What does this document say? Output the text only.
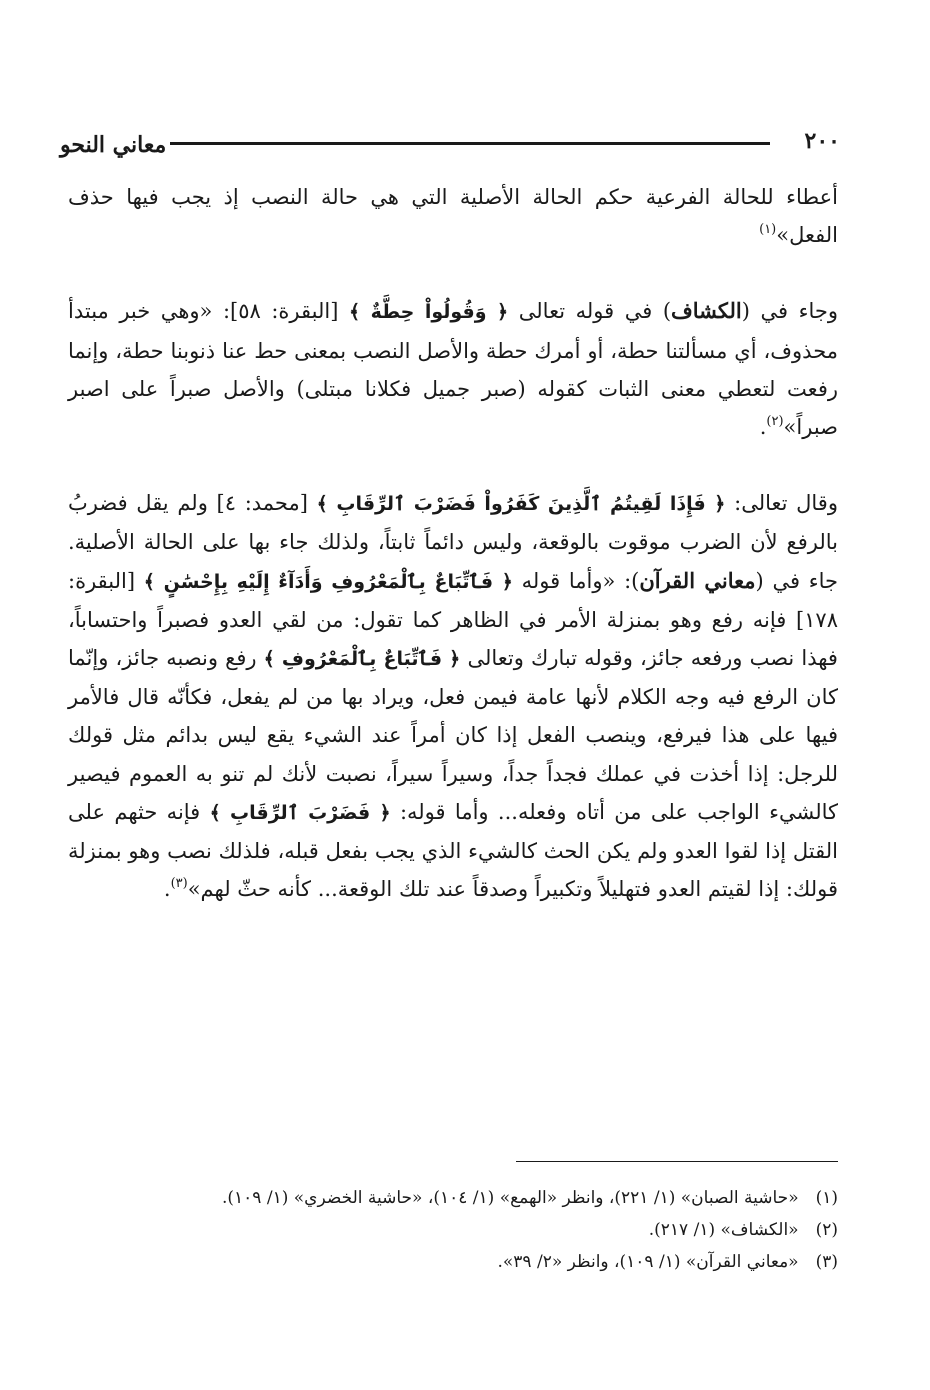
٢٠٠
معاني النحو

أعطاء للحالة الفرعية حكم الحالة الأصلية التي هي حالة النصب إذ يجب فيها حذف الفعل»$^{(١)}$

وجاء في (الكشاف) في قوله تعالى ﴿ وَقُولُواْ حِطَّةٌ ﴾ [البقرة: ٥٨]: «وهي خبر مبتدأ محذوف، أي مسألتنا حطة، أو أمرك حطة والأصل النصب بمعنى حط عنا ذنوبنا حطة، وإنما رفعت لتعطي معنى الثبات كقوله (صبر جميل فكلانا مبتلى) والأصل صبراً على اصبر صبراً»$^{(٢)}$.

وقال تعالى: ﴿ فَإِذَا لَقِيتُمُ ٱلَّذِينَ كَفَرُواْ فَضَرْبَ ٱلرِّقَابِ ﴾ [محمد: ٤] ولم يقل فضربُ بالرفع لأن الضرب موقوت بالوقعة، وليس دائماً ثابتاً، ولذلك جاء بها على الحالة الأصلية. جاء في (معاني القرآن): «وأما قوله ﴿ فَٱتِّبَاعٌ بِٱلْمَعْرُوفِ وَأَدَآءٌ إِلَيْهِ بِإِحْسَٰنٍ ﴾ [البقرة: ١٧٨] فإنه رفع وهو بمنزلة الأمر في الظاهر كما تقول: من لقي العدو فصبراً واحتساباً، فهذا نصب ورفعه جائز، وقوله تبارك وتعالى ﴿ فَٱتِّبَاعٌ بِٱلْمَعْرُوفِ ﴾ رفع ونصبه جائز، وإنّما كان الرفع فيه وجه الكلام لأنها عامة فيمن فعل، ويراد بها من لم يفعل، فكأنّه قال فالأمر فيها على هذا فيرفع، وينصب الفعل إذا كان أمراً عند الشيء يقع ليس بدائم مثل قولك للرجل: إذا أخذت في عملك فجداً جداً، وسيراً سيراً، نصبت لأنك لم تنو به العموم فيصير كالشيء الواجب على من أتاه وفعله... وأما قوله: ﴿ فَضَرْبَ ٱلرِّقَابِ ﴾ فإنه حثهم على القتل إذا لقوا العدو ولم يكن الحث كالشيء الذي يجب بفعل قبله، فلذلك نصب وهو بمنزلة قولك: إذا لقيتم العدو فتهليلاً وتكبيراً وصدقاً عند تلك الوقعة... كأنه حثّ لهم»$^{(٣)}$.

(١) «حاشية الصبان» (١/ ٢٢١)، وانظر «الهمع» (١/ ١٠٤)، «حاشية الخضري» (١/ ١٠٩).
(٢) «الكشاف» (١/ ٢١٧).
(٣) «معاني القرآن» (١/ ١٠٩)، وانظر «٢/ ٣٩».
